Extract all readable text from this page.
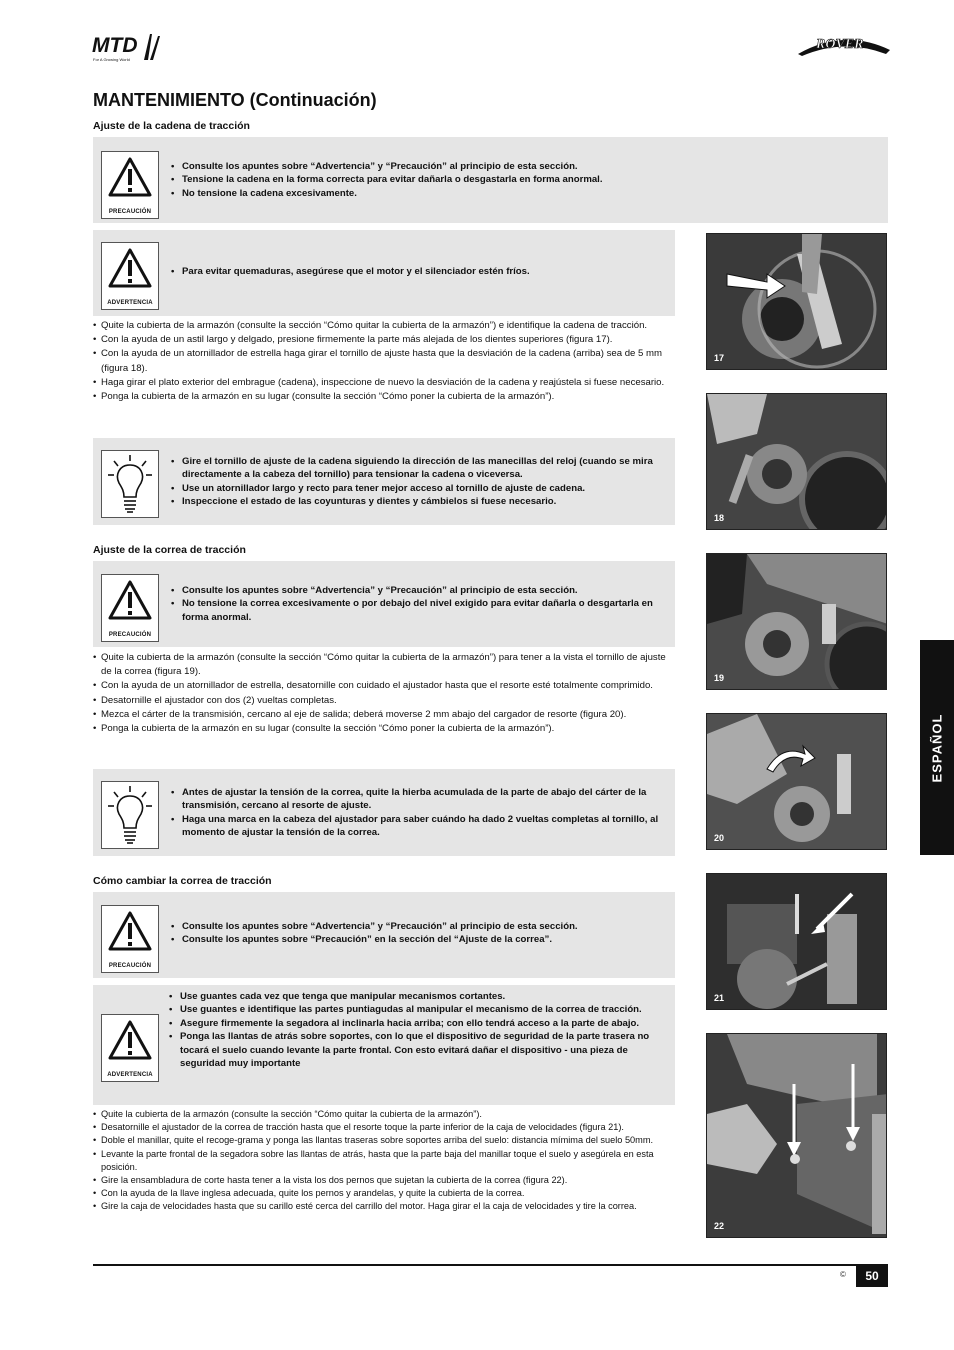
MTD
For A Growing World
ROVER
MANTENIMIENTO (Continuación)
Ajuste de la cadena de tracción
PRECAUCIÓN
• Consulte los apuntes sobre “Advertencia” y “Precaución” al principio de esta sección.
• Tensione la cadena en la forma correcta para evitar dañarla o desgastarla en forma anormal.
• No tensione la cadena excesivamente.
ADVERTENCIA
• Para evitar quemaduras, asegúrese que el motor y el silenciador estén fríos.
• Quite la cubierta de la armazón (consulte la sección “Cómo quitar la cubierta de la armazón”) e identifique la cadena de tracción.
• Con la ayuda de un astil largo y delgado, presione firmemente la parte más alejada de los dientes superiores (figura 17).
• Con la ayuda de un atornillador de estrella haga girar el tornillo de ajuste hasta que la desviación de la cadena (arriba) sea de 5 mm (figura 18).
• Haga girar el plato exterior del embrague (cadena), inspeccione de nuevo la desviación de la cadena y reajústela si fuese necesario.
• Ponga la cubierta de la armazón en su lugar (consulte la sección “Cómo poner la cubierta de la armazón”).
• Gire el tornillo de ajuste de la cadena siguiendo la dirección de las manecillas del reloj (cuando se mira directamente a la cabeza del tornillo) para tensionar la cadena o viceversa.
• Use un atornillador largo y recto para tener mejor acceso al tornillo de ajuste de cadena.
• Inspeccione el estado de las coyunturas y dientes y cámbielos si fuese necesario.
Ajuste de la correa de tracción
PRECAUCIÓN
• Consulte los apuntes sobre “Advertencia” y “Precaución” al principio de esta sección.
• No tensione la correa excesivamente o por debajo del nivel exigido para evitar dañarla o desgartarla en forma anormal.
• Quite la cubierta de la armazón (consulte la sección “Cómo quitar la cubierta de la armazón”) para tener a la vista el tornillo de ajuste de la correa (figura 19).
• Con la ayuda de un atornillador de estrella, desatornille con cuidado el ajustador hasta que el resorte esté totalmente comprimido.
• Desatornille el ajustador con dos (2) vueltas completas.
• Mezca el cárter de la transmisión, cercano al eje de salida; deberá moverse 2 mm abajo del cargador de resorte (figura 20).
• Ponga la cubierta de la armazón en su lugar (consulte la sección “Cómo poner la cubierta de la armazón”).
• Antes de ajustar la tensión de la correa, quite la hierba acumulada de la parte de abajo del cárter de la transmisión, cercano al resorte de ajuste.
• Haga una marca en la cabeza del ajustador para saber cuándo ha dado 2 vueltas completas al tornillo, al momento de ajustar la tensión de la correa.
Cómo cambiar la correa de tracción
PRECAUCIÓN
• Consulte los apuntes sobre “Advertencia” y “Precaución” al principio de esta sección.
• Consulte los apuntes sobre “Precaución” en la sección del “Ajuste de la correa”.
ADVERTENCIA
• Use guantes cada vez que tenga que manipular mecanismos cortantes.
• Use guantes e identifique las partes puntiagudas al manipular el mecanismo de la correa de tracción.
• Asegure firmemente la segadora al inclinarla hacia arriba; con ello tendrá acceso a la parte de abajo.
• Ponga las llantas de atrás sobre soportes, con lo que el dispositivo de seguridad de la parte trasera no tocará el suelo cuando levante la parte frontal. Con esto evitará dañar el dispositivo - una pieza de seguridad muy importante
• Quite la cubierta de la armazón (consulte la sección “Cómo quitar la cubierta de la armazón”).
• Desatornille el ajustador de la correa de tracción hasta que el resorte toque la parte inferior de la caja de velocidades (figura 21).
• Doble el manillar, quite el recoge-grama y ponga las llantas traseras sobre soportes arriba del suelo: distancia mímima del suelo 50mm.
• Levante la parte frontal de la segadora sobre las llantas de atrás, hasta que la parte baja del manillar toque el suelo y asegúrela en esta posición.
• Gire la ensambladura de corte hasta tener a la vista los dos pernos que sujetan la cubierta de la correa (figura 22).
• Con la ayuda de la llave inglesa adecuada, quite los pernos y arandelas, y quite la cubierta de la correa.
• Gire la caja de velocidades hasta que su carillo esté cerca del carrillo del motor. Haga girar el la caja de velocidades y tire la correa.
17
18
19
20
21
22
ESPAÑOL
©	50
